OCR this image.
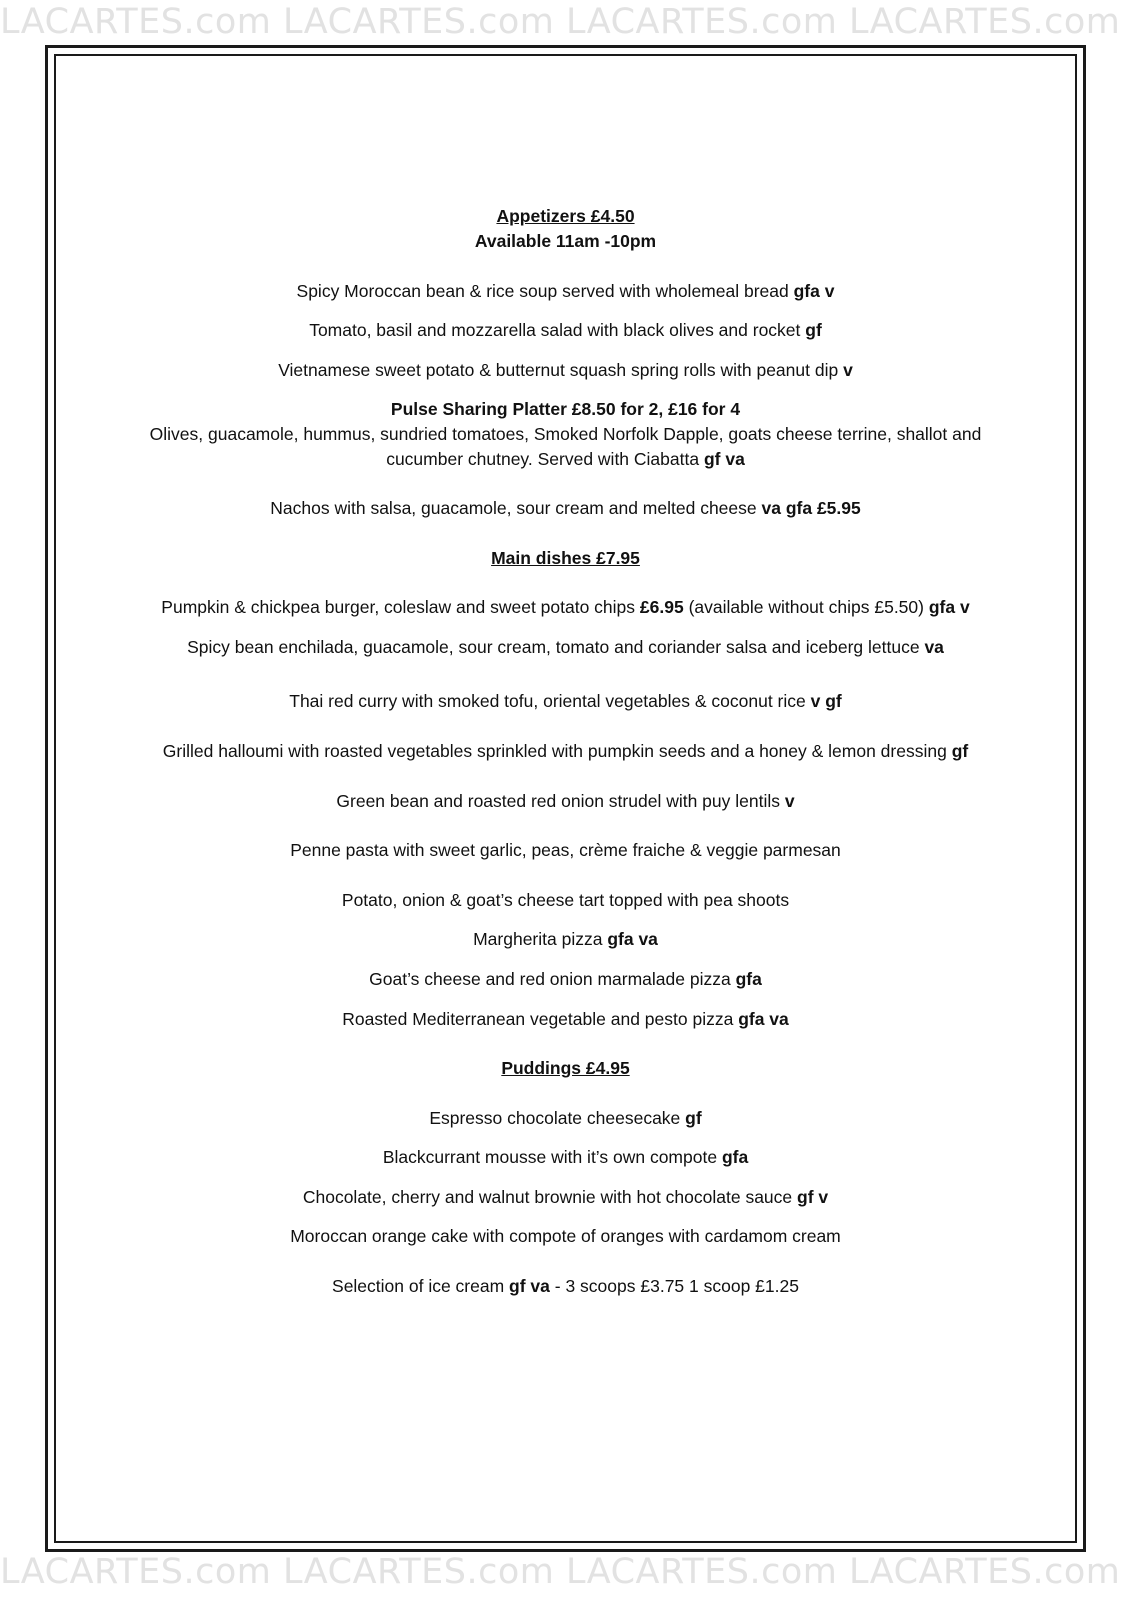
LACARTES.com LACARTES.com LACARTES.com LACARTES.com
Appetizers £4.50
Available 11am -10pm
Spicy Moroccan bean & rice soup served with wholemeal bread gfa v
Tomato, basil and mozzarella salad with black olives and rocket gf
Vietnamese sweet potato & butternut squash spring rolls with peanut dip v
Pulse Sharing Platter £8.50 for 2, £16 for 4
Olives, guacamole, hummus, sundried tomatoes, Smoked Norfolk Dapple, goats cheese terrine, shallot and
cucumber chutney. Served with Ciabatta gf va
Nachos with salsa, guacamole, sour cream and melted cheese va gfa £5.95
Main dishes £7.95
Pumpkin & chickpea burger, coleslaw and sweet potato chips £6.95 (available without chips £5.50) gfa v
Spicy bean enchilada, guacamole, sour cream, tomato and coriander salsa and iceberg lettuce va
Thai red curry with smoked tofu, oriental vegetables & coconut rice v gf
Grilled halloumi with roasted vegetables sprinkled with pumpkin seeds and a honey & lemon dressing gf
Green bean and roasted red onion strudel with puy lentils v
Penne pasta with sweet garlic, peas, crème fraiche & veggie parmesan
Potato, onion & goat’s cheese tart topped with pea shoots
Margherita pizza gfa va
Goat’s cheese and red onion marmalade pizza gfa
Roasted Mediterranean vegetable and pesto pizza gfa va
Puddings £4.95
Espresso chocolate cheesecake gf
Blackcurrant mousse with it’s own compote gfa
Chocolate, cherry and walnut brownie with hot chocolate sauce gf v
Moroccan orange cake with compote of oranges with cardamom cream
Selection of ice cream gf va - 3 scoops £3.75 1 scoop £1.25
LACARTES.com LACARTES.com LACARTES.com LACARTES.com
